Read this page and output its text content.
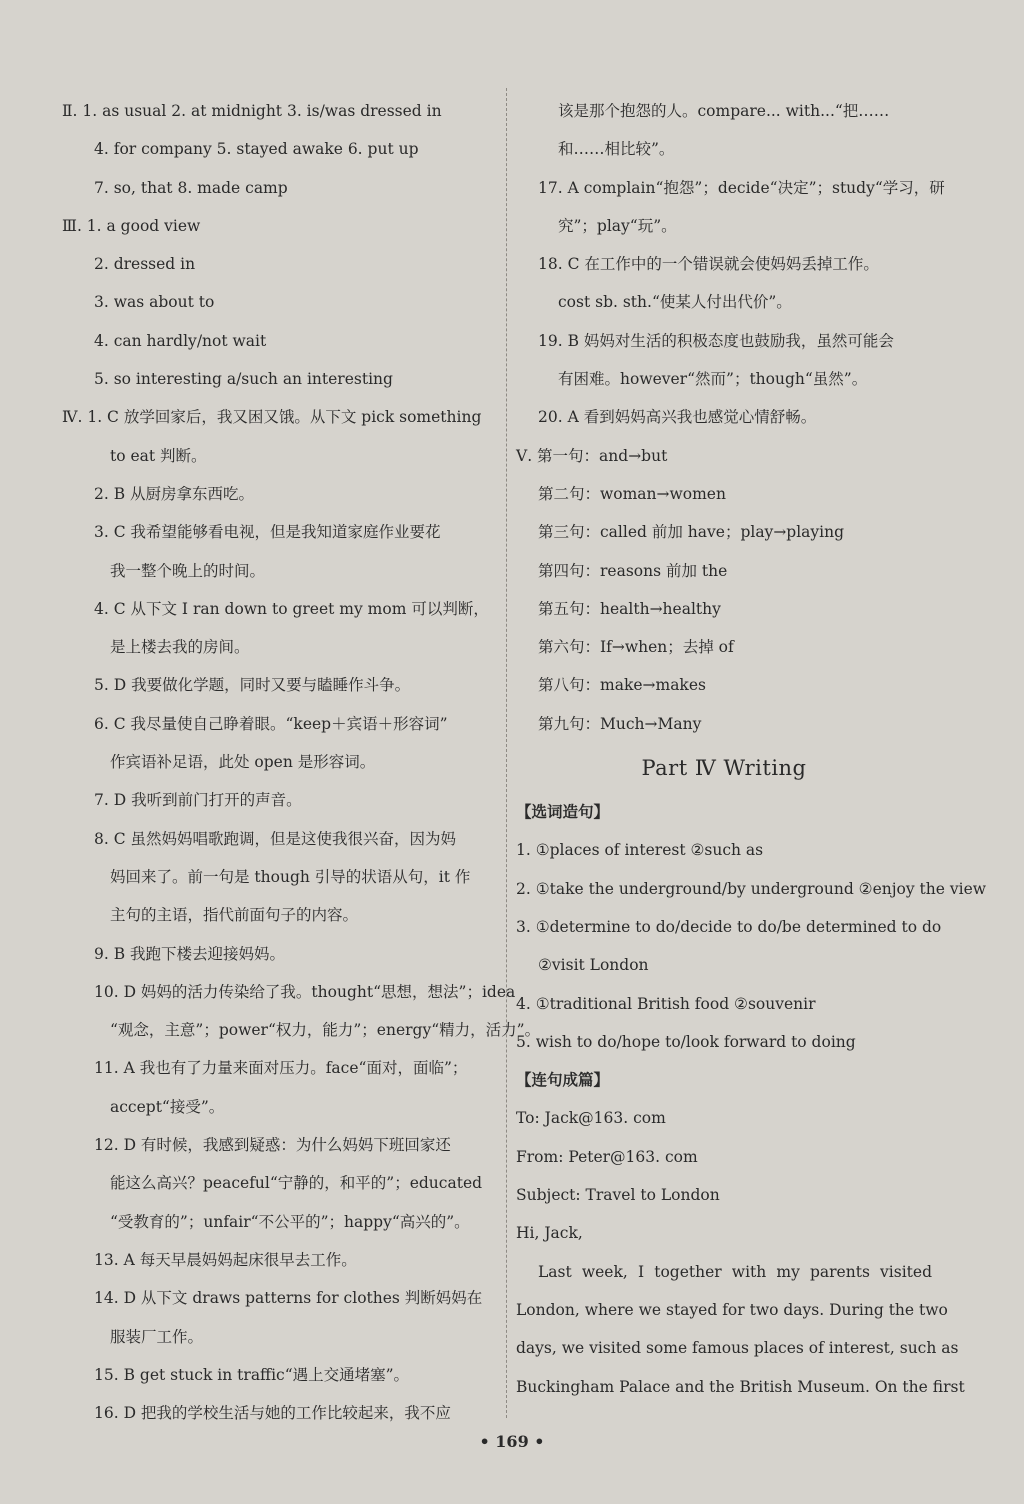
Ⅱ. 1. as usual 2. at midnight 3. is/was dressed in
4. for company 5. stayed awake 6. put up
7. so, that 8. made camp
Ⅲ. 1. a good view
2. dressed in
3. was about to
4. can hardly/not wait
5. so interesting a/such an interesting
Ⅳ. 1. C 放学回家后，我又困又饿。从下文 pick something
to eat 判断。
2. B 从厨房拿东西吃。
3. C 我希望能够看电视，但是我知道家庭作业要花
我一整个晚上的时间。
4. C 从下文 I ran down to greet my mom 可以判断，
是上楼去我的房间。
5. D 我要做化学题，同时又要与瞌睡作斗争。
6. C 我尽量使自己睁着眼。“keep＋宾语＋形容词”
作宾语补足语，此处 open 是形容词。
7. D 我听到前门打开的声音。
8. C 虽然妈妈唱歌跑调，但是这使我很兴奋，因为妈
妈回来了。前一句是 though 引导的状语从句，it 作
主句的主语，指代前面句子的内容。
9. B 我跑下楼去迎接妈妈。
10. D 妈妈的活力传染给了我。thought“思想，想法”；idea
“观念，主意”；power“权力，能力”；energy“精力，活力”。
11. A 我也有了力量来面对压力。face“面对，面临”；
accept“接受”。
12. D 有时候，我感到疑惑：为什么妈妈下班回家还
能这么高兴？peaceful“宁静的，和平的”；educated
“受教育的”；unfair“不公平的”；happy“高兴的”。
13. A 每天早晨妈妈起床很早去工作。
14. D 从下文 draws patterns for clothes 判断妈妈在
服装厂工作。
15. B get stuck in traffic“遇上交通堵塞”。
16. D 把我的学校生活与她的工作比较起来，我不应
该是那个抱怨的人。compare... with...“把……
和……相比较”。
17. A complain“抱怨”；decide“决定”；study“学习，研
究”；play“玩”。
18. C 在工作中的一个错误就会使妈妈丢掉工作。
cost sb. sth.“使某人付出代价”。
19. B 妈妈对生活的积极态度也鼓励我，虽然可能会
有困难。however“然而”；though“虽然”。
20. A 看到妈妈高兴我也感觉心情舒畅。
Ⅴ. 第一句：and→but
第二句：woman→women
第三句：called 前加 have；play→playing
第四句：reasons 前加 the
第五句：health→healthy
第六句：If→when；去掉 of
第八句：make→makes
第九句：Much→Many
Part Ⅳ Writing
【选词造句】
1. ①places of interest ②such as
2. ①take the underground/by underground ②enjoy the view
3. ①determine to do/decide to do/be determined to do
②visit London
4. ①traditional British food ②souvenir
5. wish to do/hope to/look forward to doing
【连句成篇】
To: Jack@163. com
From: Peter@163. com
Subject: Travel to London
Hi, Jack,
Last week, I together with my parents visited
London, where we stayed for two days. During the two
days, we visited some famous places of interest, such as
Buckingham Palace and the British Museum. On the first
• 169 •
